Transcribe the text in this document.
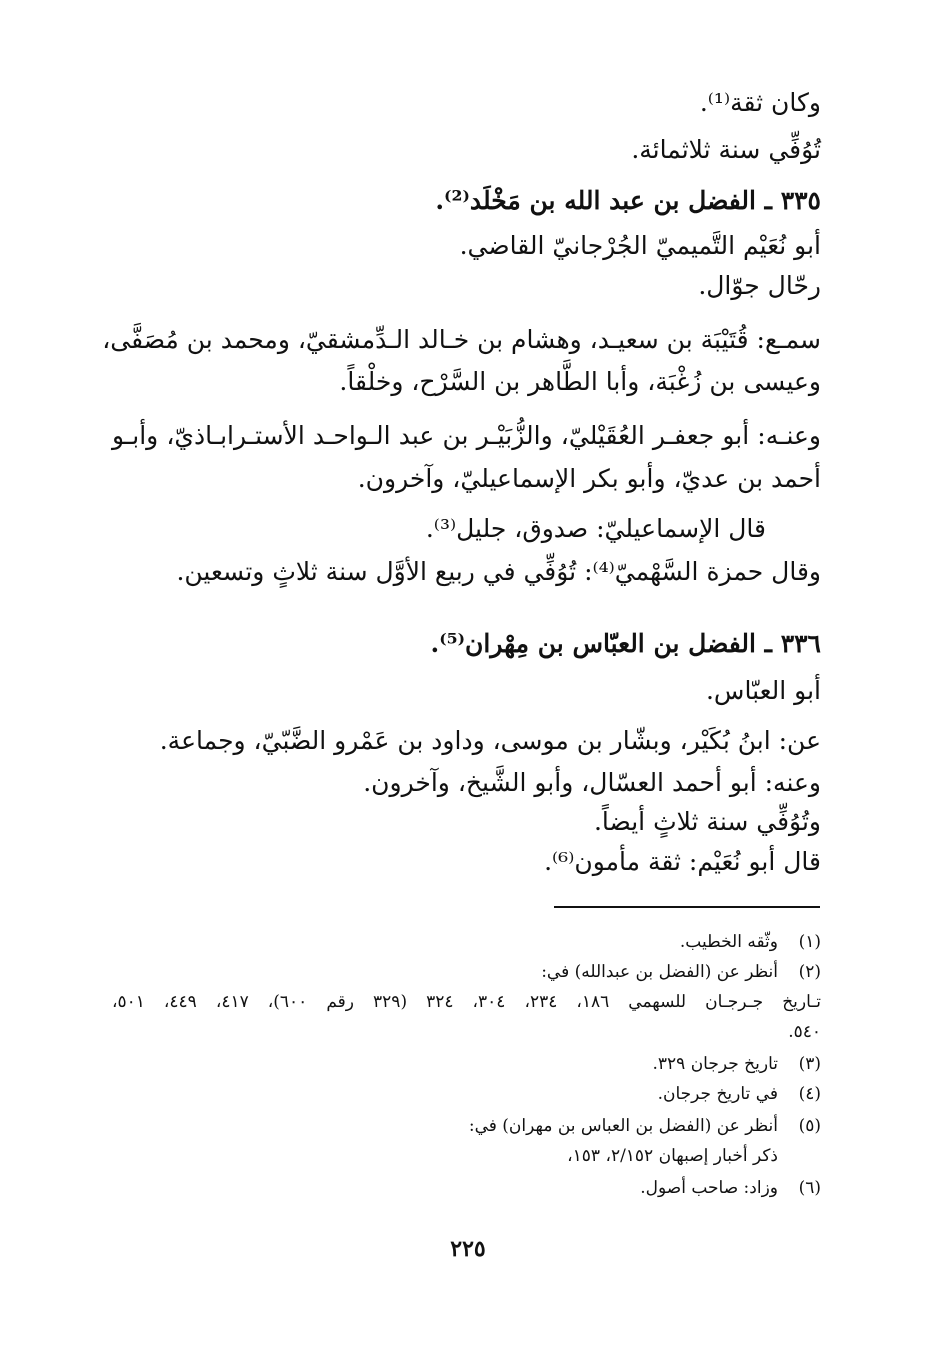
وكان ثقة⁽¹⁾.
تُوُفِّي سنة ثلاثمائة.
٣٣٥ ـ الفضل بن عبد الله بن مَخْلَد⁽²⁾.
أبو نُعَيْم التَّميميّ الجُرْجانيّ القاضي.
رحّال جوّال.
سمـع: قُتَيْبَة بن سعيـد، وهشام بن خـالد الـدِّمشقيّ، ومحمد بن مُصَفَّى،
وعيسى بن زُغْبَة، وأبا الطَّاهر بن السَّرْح، وخلْقاً.
وعنـه: أبو جعفـر العُقَيْليّ، والزُّبَيْـر بن عبد الـواحـد الأستـرابـاذيّ، وأبـو
أحمد بن عديّ، وأبو بكر الإسماعيليّ، وآخرون.
قال الإسماعيليّ: صدوق، جليل⁽³⁾.
وقال حمزة السَّهْميّ⁽⁴⁾: تُوُفِّي في ربيع الأوَّل سنة ثلاثٍ وتسعين.
٣٣٦ ـ الفضل بن العبّاس بن مِهْران⁽⁵⁾.
أبو العبّاس.
عن: ابنُ بُكَيْر، وبشّار بن موسى، وداود بن عَمْرو الضَّبّيّ، وجماعة.
وعنه: أبو أحمد العسّال، وأبو الشَّيخ، وآخرون.
وتُوُفِّي سنة ثلاثٍ أيضاً.
قال أبو نُعَيْم: ثقة مأمون⁽⁶⁾.
(١)
وثّقه الخطيب.
(٢)
أنظر عن (الفضل بن عبدالله) في:
تـاريخ جـرجـان للسهمي ١٨٦، ٢٣٤، ٣٠٤، ٣٢٤ (٣٢٩ رقم ٦٠٠)، ٤١٧، ٤٤٩، ٥٠١،
٥٤٠.
(٣)
تاريخ جرجان ٣٢٩.
(٤)
في تاريخ جرجان.
(٥)
أنظر عن (الفضل بن العباس بن مهران) في:
ذكر أخبار إصبهان ٢/١٥٢، ١٥٣،
(٦)
وزاد: صاحب أصول.
٢٢٥
